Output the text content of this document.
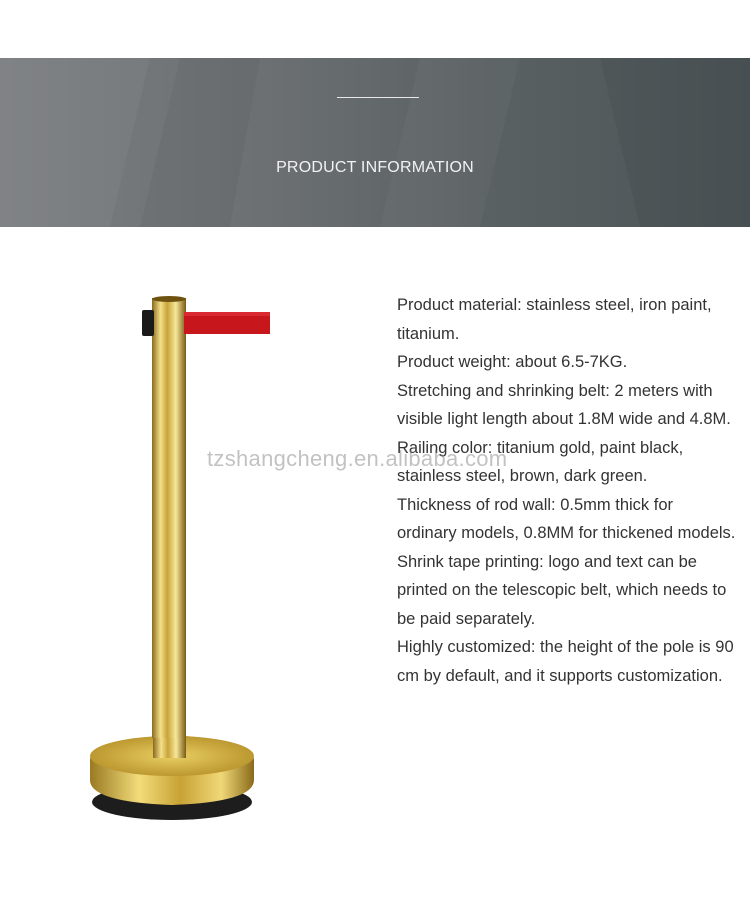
PRODUCT INFORMATION

Product material: stainless steel, iron paint, titanium.

Product weight: about 6.5-7KG.

Stretching and shrinking belt: 2 meters with visible light length about 1.8M wide and 4.8M.

Railing color: titanium gold, paint black, stainless steel, brown, dark green.

Thickness of rod wall: 0.5mm thick for ordinary models, 0.8MM for thickened models.

Shrink tape printing: logo and text can be printed on the telescopic belt, which needs to be paid separately.

Highly customized: the height of the pole is 90 cm by default, and it supports customization.

tzshangcheng.en.alibaba.com
